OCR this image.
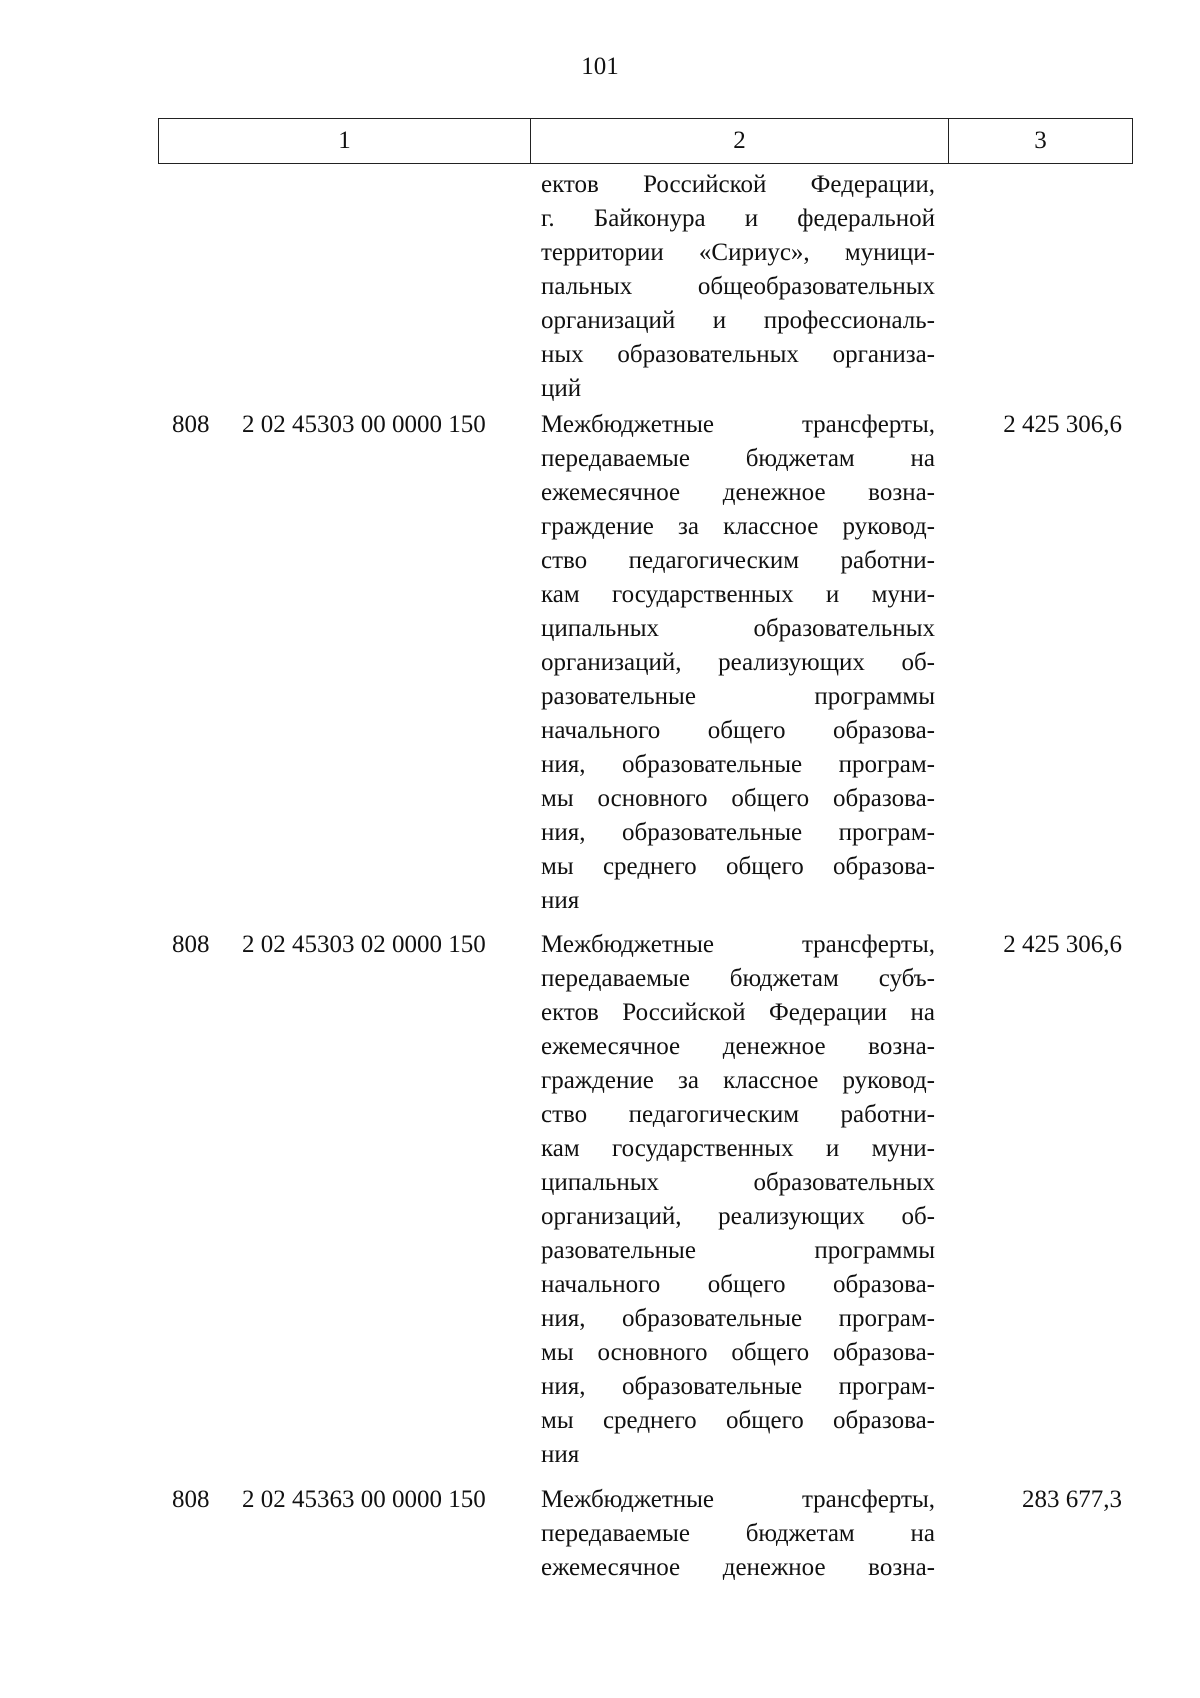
101
1	2	3
ектов Российской Федерации,
г. Байконура и федеральной
территории «Сириус», муници-
пальных общеобразовательных
организаций и профессиональ-
ных образовательных организа-
ций
808 2 02 45303 00 0000 150 Межбюджетные трансферты,
передаваемые бюджетам на
ежемесячное денежное возна-
граждение за классное руковод-
ство педагогическим работни-
кам государственных и муни-
ципальных образовательных
организаций, реализующих об-
разовательные программы
начального общего образова-
ния, образовательные програм-
мы основного общего образова-
ния, образовательные програм-
мы среднего общего образова-
ния
2 425 306,6
808 2 02 45303 02 0000 150 Межбюджетные трансферты,
передаваемые бюджетам субъ-
ектов Российской Федерации на
ежемесячное денежное возна-
граждение за классное руковод-
ство педагогическим работни-
кам государственных и муни-
ципальных образовательных
организаций, реализующих об-
разовательные программы
начального общего образова-
ния, образовательные програм-
мы основного общего образова-
ния, образовательные програм-
мы среднего общего образова-
ния
2 425 306,6
808 2 02 45363 00 0000 150 Межбюджетные трансферты,
передаваемые бюджетам на
ежемесячное денежное возна-
283 677,3
